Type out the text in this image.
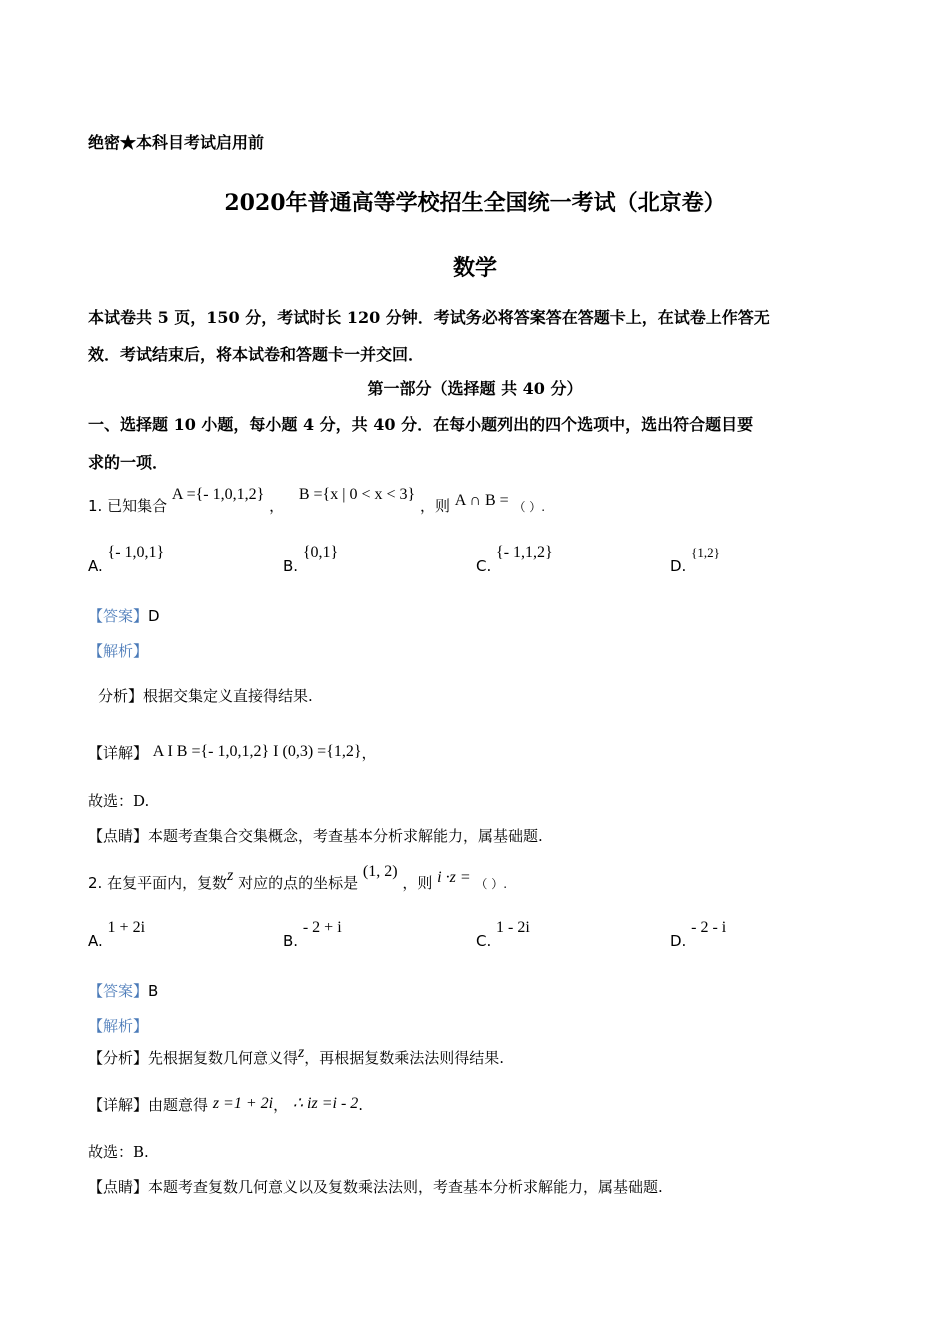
绝密★本科目考试启用前
2020年普通高等学校招生全国统一考试（北京卷）
数学
本试卷共 5 页，150 分，考试时长 120 分钟．考试务必将答案答在答题卡上，在试卷上作答无
效．考试结束后，将本试卷和答题卡一并交回．
第一部分（选择题 共 40 分）
一、选择题 10 小题，每小题 4 分，共 40 分．在每小题列出的四个选项中，选出符合题目要
求的一项．
1. 已知集合 A ={- 1,0,1,2} ， B ={x | 0 < x < 3} ，则 A ∩ B = （ ）.
A. {- 1,0,1}
B. {0,1}
C. {- 1,1,2}
D. {1,2}
【答案】D
【解析】
分析】根据交集定义直接得结果.
【详解】 A I B ={- 1,0,1,2} I (0,3) ={1,2}，
故选：D.
【点睛】本题考查集合交集概念，考查基本分析求解能力，属基础题.
2. 在复平面内，复数z 对应的点的坐标是 (1, 2) ，则 i ·z = （ ）.
A. 1 + 2i
B. - 2 + i
C. 1 - 2i
D. - 2 - i
【答案】B
【解析】
【分析】先根据复数几何意义得z，再根据复数乘法法则得结果.
【详解】由题意得 z =1 + 2i， ∴ iz =i - 2.
故选：B.
【点睛】本题考查复数几何意义以及复数乘法法则，考查基本分析求解能力，属基础题.
